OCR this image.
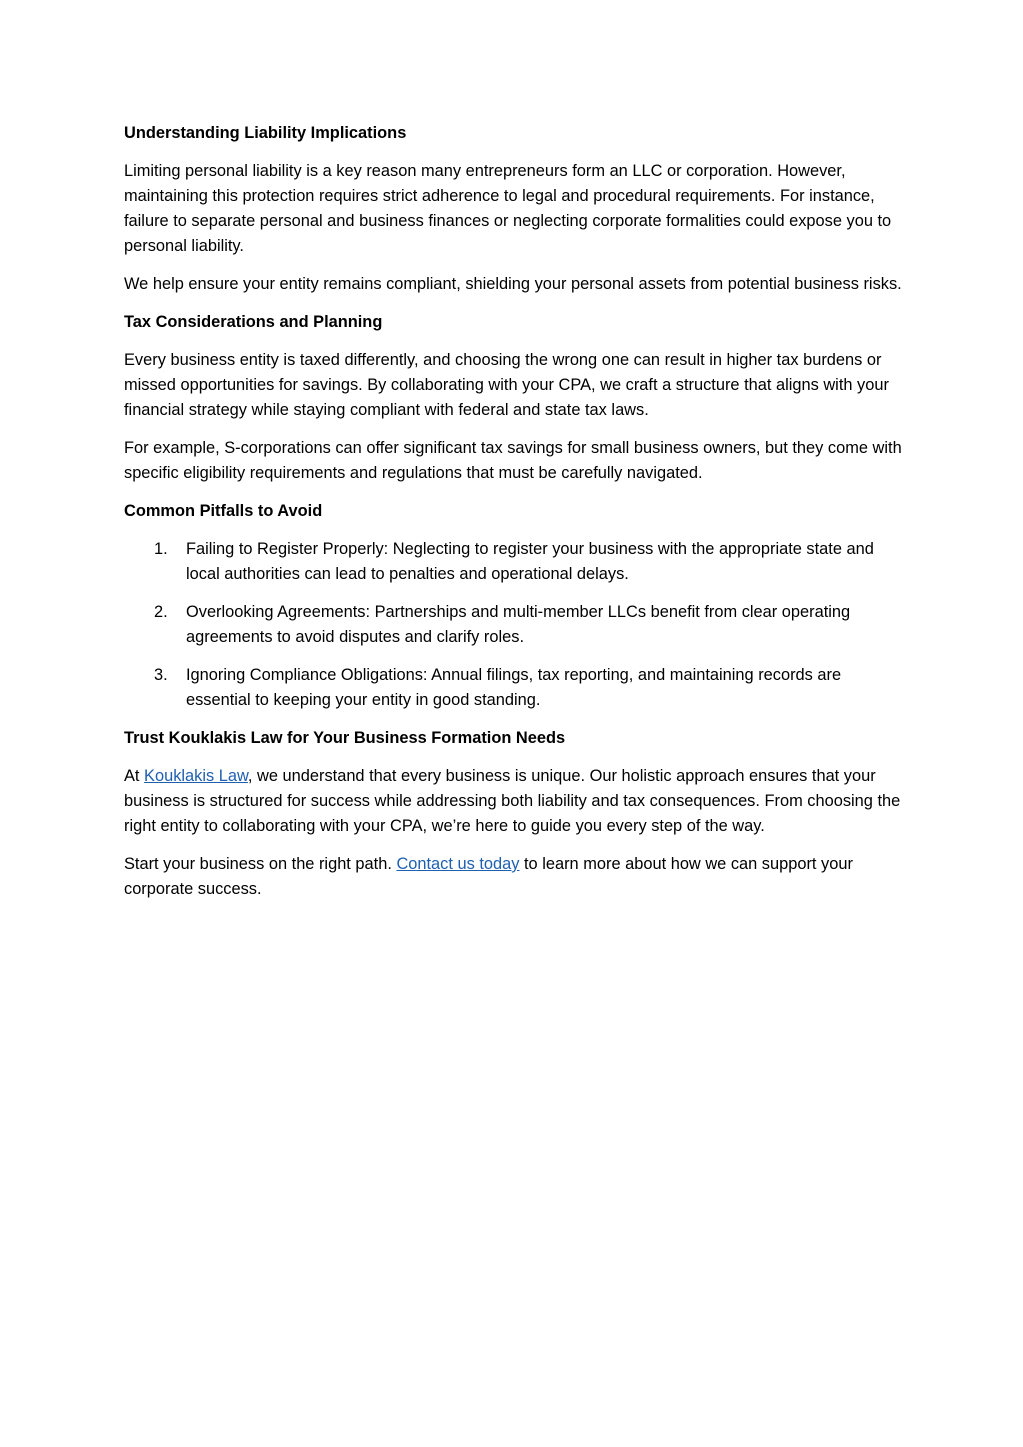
Understanding Liability Implications

Limiting personal liability is a key reason many entrepreneurs form an LLC or corporation. However, maintaining this protection requires strict adherence to legal and procedural requirements. For instance, failure to separate personal and business finances or neglecting corporate formalities could expose you to personal liability.

We help ensure your entity remains compliant, shielding your personal assets from potential business risks.

Tax Considerations and Planning

Every business entity is taxed differently, and choosing the wrong one can result in higher tax burdens or missed opportunities for savings. By collaborating with your CPA, we craft a structure that aligns with your financial strategy while staying compliant with federal and state tax laws.

For example, S-corporations can offer significant tax savings for small business owners, but they come with specific eligibility requirements and regulations that must be carefully navigated.

Common Pitfalls to Avoid

1. Failing to Register Properly: Neglecting to register your business with the appropriate state and local authorities can lead to penalties and operational delays.
2. Overlooking Agreements: Partnerships and multi-member LLCs benefit from clear operating agreements to avoid disputes and clarify roles.
3. Ignoring Compliance Obligations: Annual filings, tax reporting, and maintaining records are essential to keeping your entity in good standing.

Trust Kouklakis Law for Your Business Formation Needs

At Kouklakis Law, we understand that every business is unique. Our holistic approach ensures that your business is structured for success while addressing both liability and tax consequences. From choosing the right entity to collaborating with your CPA, we’re here to guide you every step of the way.

Start your business on the right path. Contact us today to learn more about how we can support your corporate success.
